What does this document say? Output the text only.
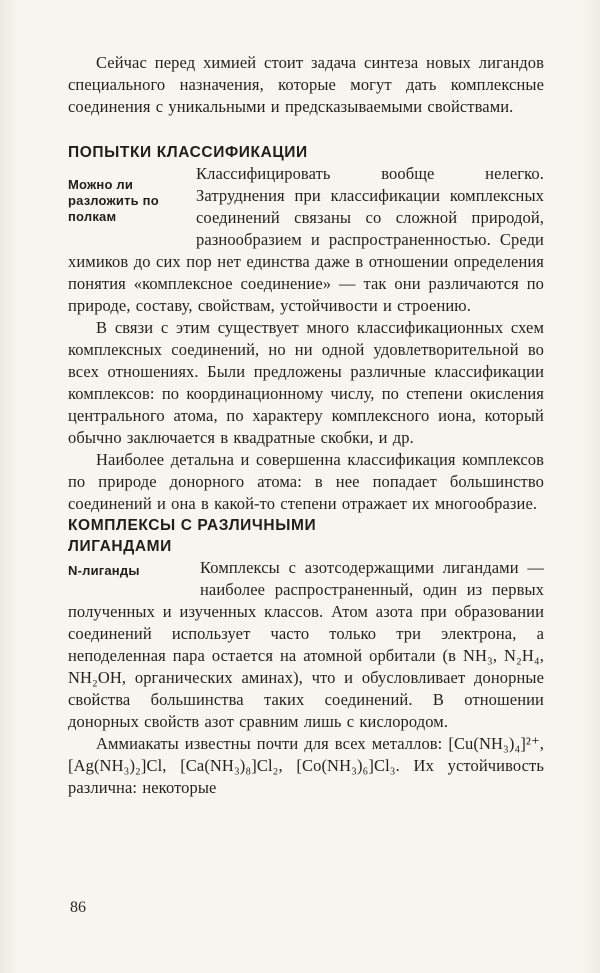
Сейчас перед химией стоит задача синтеза новых лигандов специального назначения, которые могут дать комплексные соединения с уникальными и предсказываемыми свойствами.

ПОПЫТКИ КЛАССИФИКАЦИИ
Можно ли разложить по полкам

Классифицировать вообще нелегко. Затруднения при классификации комплексных соединений связаны со сложной природой, разнообразием и распространенностью. Среди химиков до сих пор нет единства даже в отношении определения понятия «комплексное соединение» — так они различаются по природе, составу, свойствам, устойчивости и строению.

В связи с этим существует много классификационных схем комплексных соединений, но ни одной удовлетворительной во всех отношениях. Были предложены различные классификации комплексов: по координационному числу, по степени окисления центрального атома, по характеру комплексного иона, который обычно заключается в квадратные скобки, и др.

Наиболее детальна и совершенна классификация комплексов по природе донорного атома: в нее попадает большинство соединений и она в какой-то степени отражает их многообразие.

КОМПЛЕКСЫ С РАЗЛИЧНЫМИ ЛИГАНДАМИ
N-лиганды	Комплексы с азотсодержащими лигандами — наиболее распространенный, один из первых полученных и изученных классов. Атом азота при образовании соединений использует часто только три электрона, а неподеленная пара остается на атомной орбитали (в NH₃, N₂H₄, NH₂OH, органических аминах), что и обусловливает донорные свойства большинства таких соединений. В отношении донорных свойств азот сравним лишь с кислородом.

Аммиакаты известны почти для всех металлов: [Cu(NH₃)₄]²⁺, [Ag(NH₃)₂]Cl, [Ca(NH₃)₈]Cl₂, [Co(NH₃)₆]Cl₃. Их устойчивость различна: некоторые

86
